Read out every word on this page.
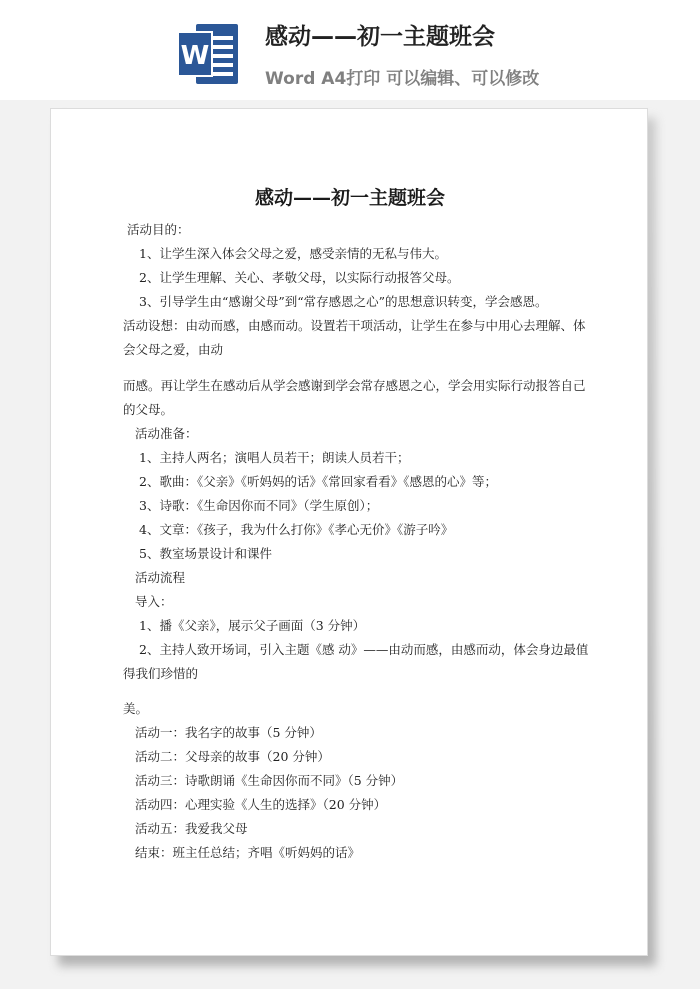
W
感动——初一主题班会
Word A4打印 可以编辑、可以修改
感动——初一主题班会
活动目的：
1、让学生深入体会父母之爱，感受亲情的无私与伟大。
2、让学生理解、关心、孝敬父母，以实际行动报答父母。
3、引导学生由“感谢父母”到“常存感恩之心”的思想意识转变，学会感恩。
活动设想：由动而感，由感而动。设置若干项活动，让学生在参与中用心去理解、体
会父母之爱，由动
而感。再让学生在感动后从学会感谢到学会常存感恩之心，学会用实际行动报答自己
的父母。
活动准备：
1、主持人两名；演唱人员若干；朗读人员若干；
2、歌曲：《父亲》《听妈妈的话》《常回家看看》《感恩的心》等；
3、诗歌：《生命因你而不同》（学生原创）；
4、文章：《孩子，我为什么打你》《孝心无价》《游子吟》
5、教室场景设计和课件
活动流程
导入：
1、播《父亲》，展示父子画面（3 分钟）
2、主持人致开场词，引入主题《感 动》——由动而感，由感而动，体会身边最值
得我们珍惜的
美。
活动一：我名字的故事（5 分钟）
活动二：父母亲的故事（20 分钟）
活动三：诗歌朗诵《生命因你而不同》（5 分钟）
活动四：心理实验《人生的选择》（20 分钟）
活动五：我爱我父母
结束：班主任总结；齐唱《听妈妈的话》
